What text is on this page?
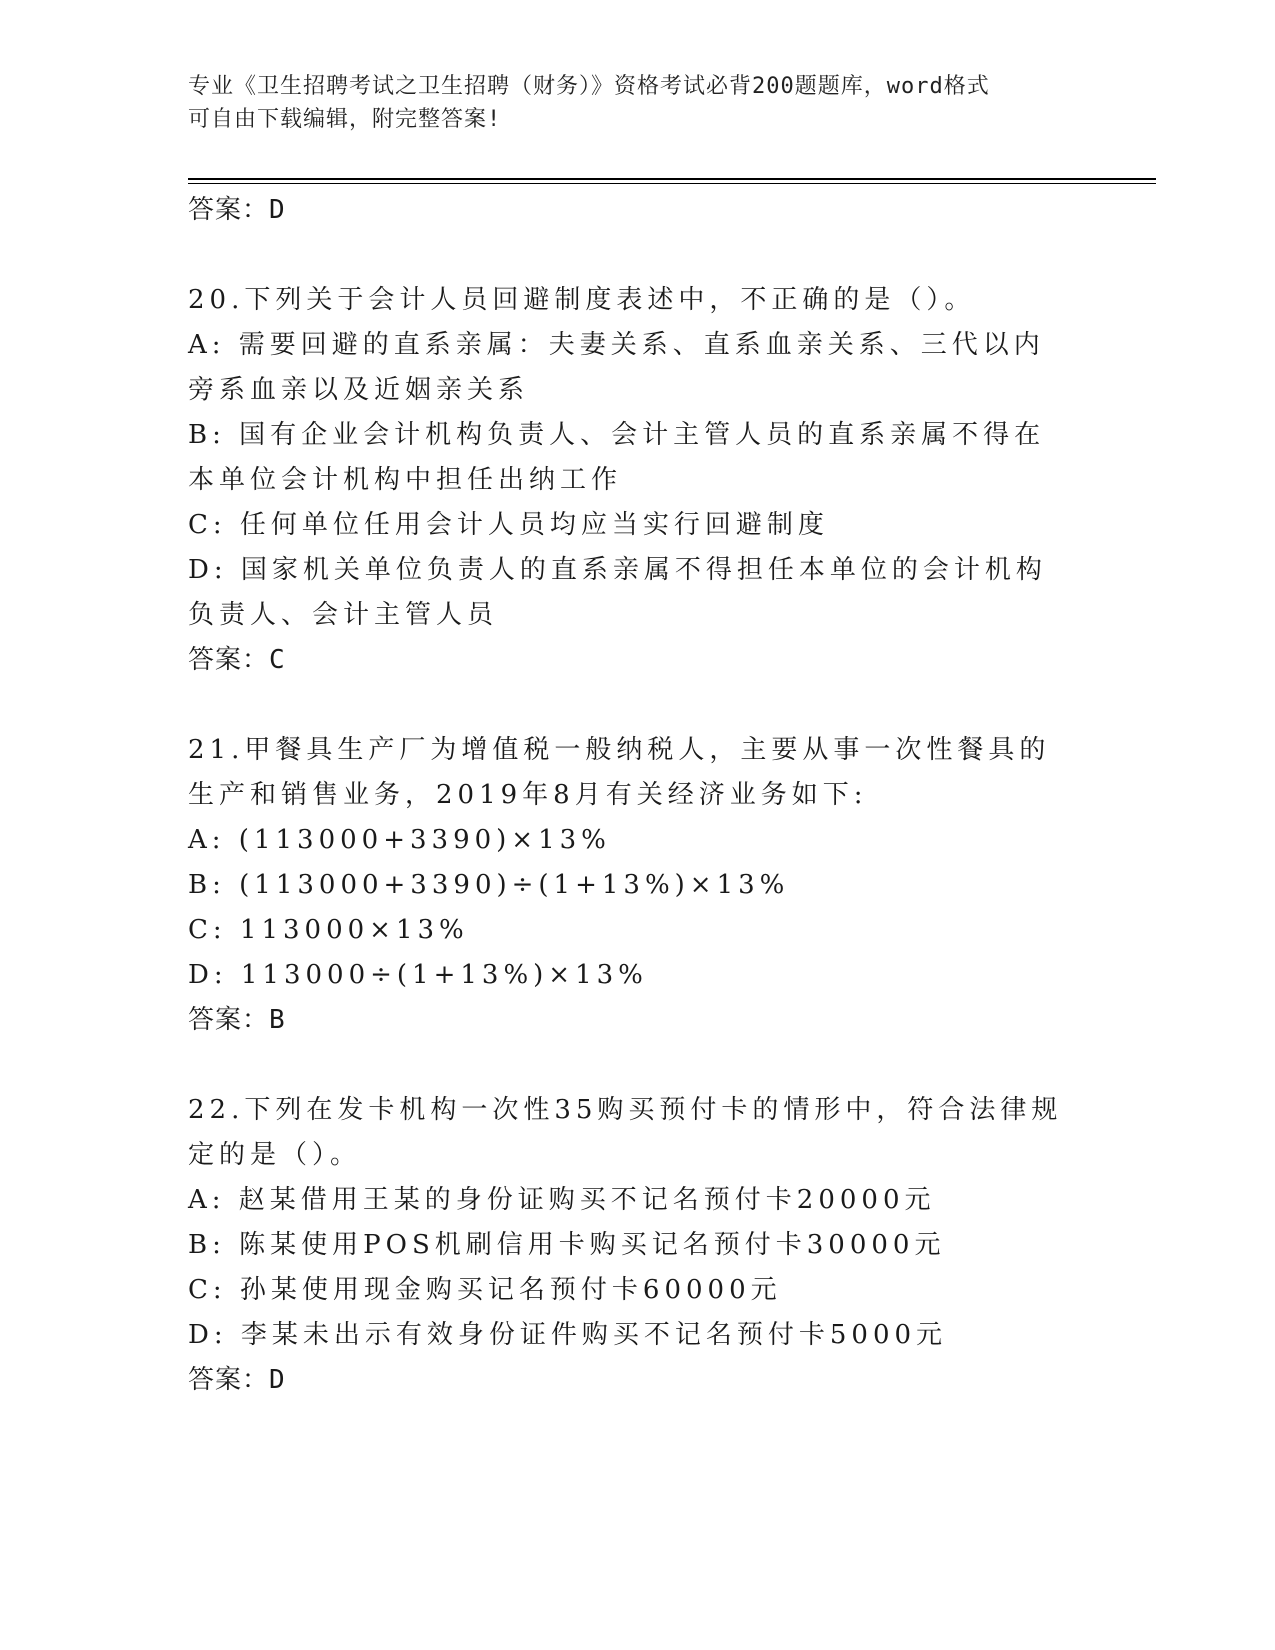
专业《卫生招聘考试之卫生招聘（财务）》资格考试必背200题题库，word格式
可自由下载编辑，附完整答案!
答案：D
20.下列关于会计人员回避制度表述中，不正确的是（）。
A: 需要回避的直系亲属：夫妻关系、直系血亲关系、三代以内旁系血亲以及近姻亲关系
B: 国有企业会计机构负责人、会计主管人员的直系亲属不得在本单位会计机构中担任出纳工作
C: 任何单位任用会计人员均应当实行回避制度
D: 国家机关单位负责人的直系亲属不得担任本单位的会计机构负责人、会计主管人员
答案：C
21.甲餐具生产厂为增值税一般纳税人，主要从事一次性餐具的生产和销售业务，2019年8月有关经济业务如下:
A: (113000+3390)×13%
B: (113000+3390)÷(1+13%)×13%
C: 113000×13%
D: 113000÷(1+13%)×13%
答案：B
22.下列在发卡机构一次性35购买预付卡的情形中，符合法律规定的是（）。
A: 赵某借用王某的身份证购买不记名预付卡20000元
B: 陈某使用POS机刷信用卡购买记名预付卡30000元
C: 孙某使用现金购买记名预付卡60000元
D: 李某未出示有效身份证件购买不记名预付卡5000元
答案：D
